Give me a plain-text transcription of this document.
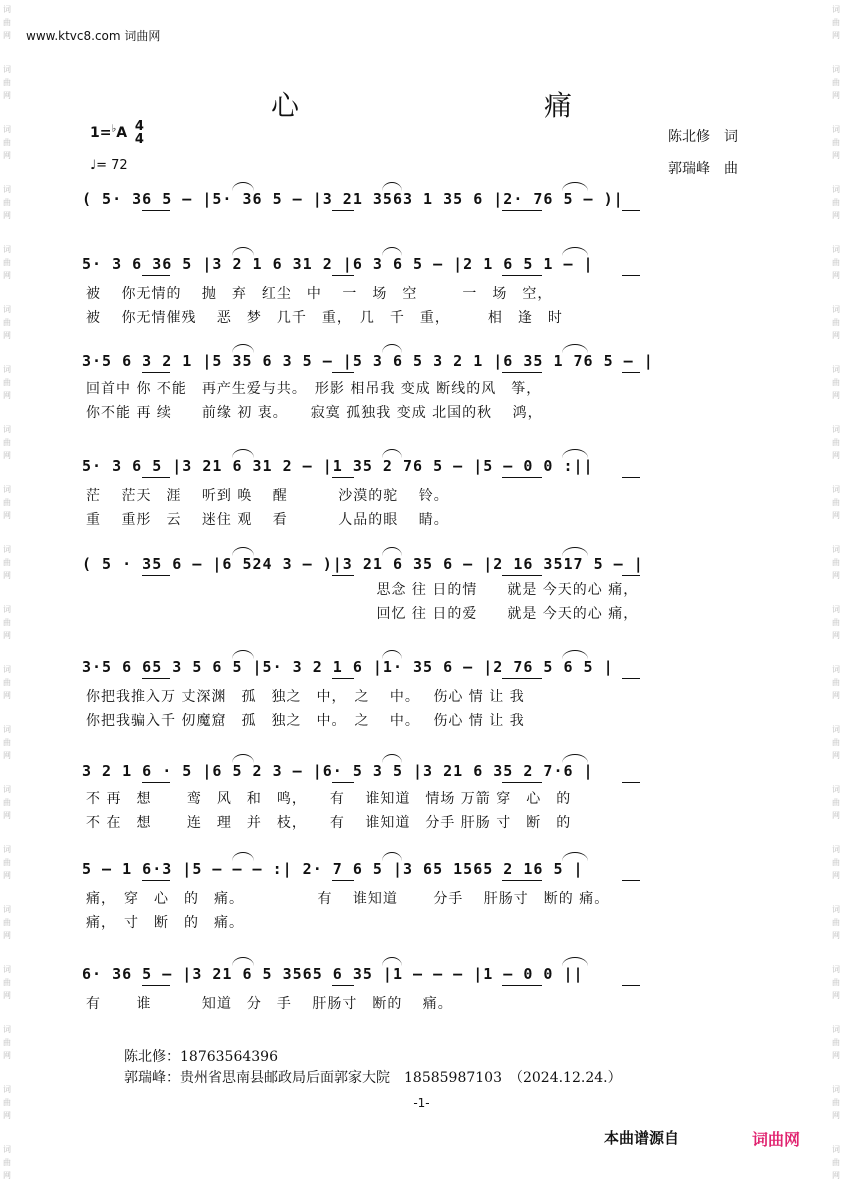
词
曲
网
词
曲
网
词
曲
网
词
曲
网
词
曲
网
词
曲
网
词
曲
网
词
曲
网
词
曲
网
词
曲
网
词
曲
网
词
曲
网
词
曲
网
词
曲
网
词
曲
网
词
曲
网
词
曲
网
词
曲
网
词
曲
网
词
曲
网
词
曲
网
词
曲
网
词
曲
网
词
曲
网
词
曲
网
词
曲
网
词
曲
网
词
曲
网
词
曲
网
词
曲
网
词
曲
网
词
曲
网
词
曲
网
词
曲
网
词
曲
网
词
曲
网
词
曲
网
词
曲
网
词
曲
网
词
曲
网
www.ktvc8.com 词曲网
心 痛
1=♭A 4
4
♩= 72
陈北修　词
郭瑞峰　曲
( 5· 36 5 — |5· 36 5 — |3 21 3563 1 35 6 |2· 76 5 — )|
5· 3 6 36 5 |3 2 1 6 31 2 |6 3 6 5 — |2 1 6 5 1 — |
被　 你无情的　 抛　弃　红尘　中　 一　场　空　　　一　场　空，
被　 你无情催残　 恶　梦　几千　重，　几　千　重，　　　相　逢　时
3·5 6 3 2 1 |5 35 6 3 5 — |5 3 6 5 3 2 1 |6 35 1 76 5 — |
回首中 你 不能　再产生爱与共。　形影 相吊我 变成 断线的风　筝，
你不能 再 续　　前缘 初 衷。　　寂寞 孤独我 变成 北国的秋　 鸿，
5· 3 6 5 |3 21 6 31 2 — |1 35 2 76 5 — |5 — 0 0 :||
茫　 茫天　涯　 听到 唤　 醒　　　 沙漠的驼　 铃。
重　 重彤　云　 迷住 观　 看　　　 人品的眼　 睛。
( 5 · 35 6 — |6 524 3 — )|3 21 6 35 6 — |2 16 3517 5 — |
　　　　　　　　　　　　　　　　　　　 思念 往 日的情　　就是 今天的心 痛，
　　　　　　　　　　　　　　　　　　　 回忆 往 日的爱　　就是 今天的心 痛，
3·5 6 65 3 5 6 5 |5· 3 2 1 6 |1· 35 6 — |2 76 5 6 5 |
你把我推入万 丈深渊　孤　独之　中，　之　 中。　 伤心 情 让 我
你把我骗入千 仞魔窟　孤　独之　中。　之　 中。　 伤心 情 让 我
3 2 1 6 · 5 |6 5 2 3 — |6· 5 3 5 |3 21 6 35 2 7·6 |
不 再　想　　 鸾　风　和　鸣，　　有　 谁知道　情场 万箭 穿　心　的
不 在　想　　 连　理　并　枝，　　有　 谁知道　分手 肝肠 寸　断　的
5 — 1 6·3 |5 — — — :| 2· 7 6 5 |3 65 1565 2 16 5 |
痛，　穿　心　的　痛。　　　　　 有　 谁知道　　 分手　 肝肠寸　断的 痛。
痛，　寸　断　的　痛。
6· 36 5 — |3 21 6 5 3565 6 35 |1 — — — |1 — 0 0 ||
有　　 谁　　　 知道　分　手　 肝肠寸　断的　 痛。
陈北修：18763564396
郭瑞峰：贵州省思南县邮政局后面郭家大院　18585987103　（2024.12.24.）
-1-
本曲谱源自	词曲网
